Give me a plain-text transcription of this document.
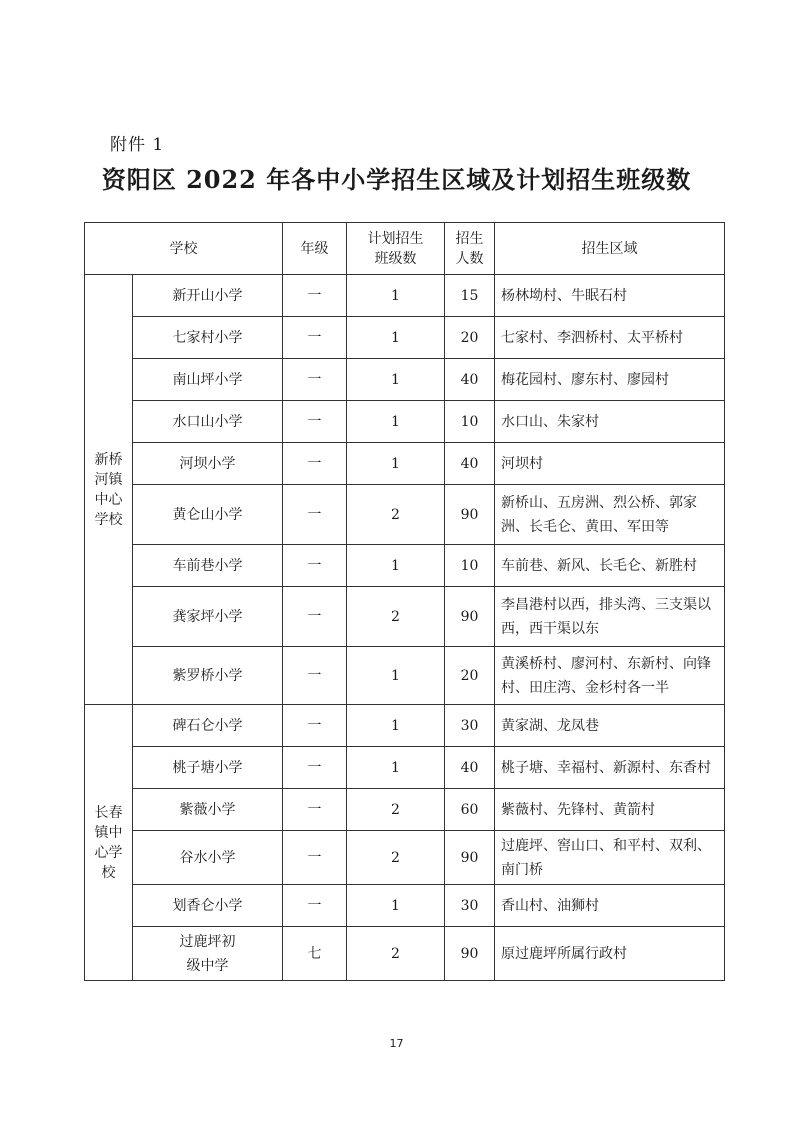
附件 1
资阳区 2022 年各中小学招生区域及计划招生班级数
学校		年级	计划招生班级数	招生人数	招生区域
新桥河镇中心学校	新开山小学	一	1	15	杨林坳村、牛眠石村
	七家村小学	一	1	20	七家村、李泗桥村、太平桥村
	南山坪小学	一	1	40	梅花园村、廖东村、廖园村
	水口山小学	一	1	10	水口山、朱家村
	河坝小学	一	1	40	河坝村
	黄仑山小学	一	2	90	新桥山、五房洲、烈公桥、郭家洲、长毛仑、黄田、军田等
	车前巷小学	一	1	10	车前巷、新风、长毛仑、新胜村
	龚家坪小学	一	2	90	李昌港村以西，排头湾、三支渠以西，西干渠以东
	紫罗桥小学	一	1	20	黄溪桥村、廖河村、东新村、向锋村、田庄湾、金杉村各一半
长春镇中心学校	碑石仑小学	一	1	30	黄家湖、龙凤巷
	桃子塘小学	一	1	40	桃子塘、幸福村、新源村、东香村
	紫薇小学	一	2	60	紫薇村、先锋村、黄箭村
	谷水小学	一	2	90	过鹿坪、窖山口、和平村、双利、南门桥
	划香仑小学	一	1	30	香山村、油狮村
	过鹿坪初级中学	七	2	90	原过鹿坪所属行政村
17
